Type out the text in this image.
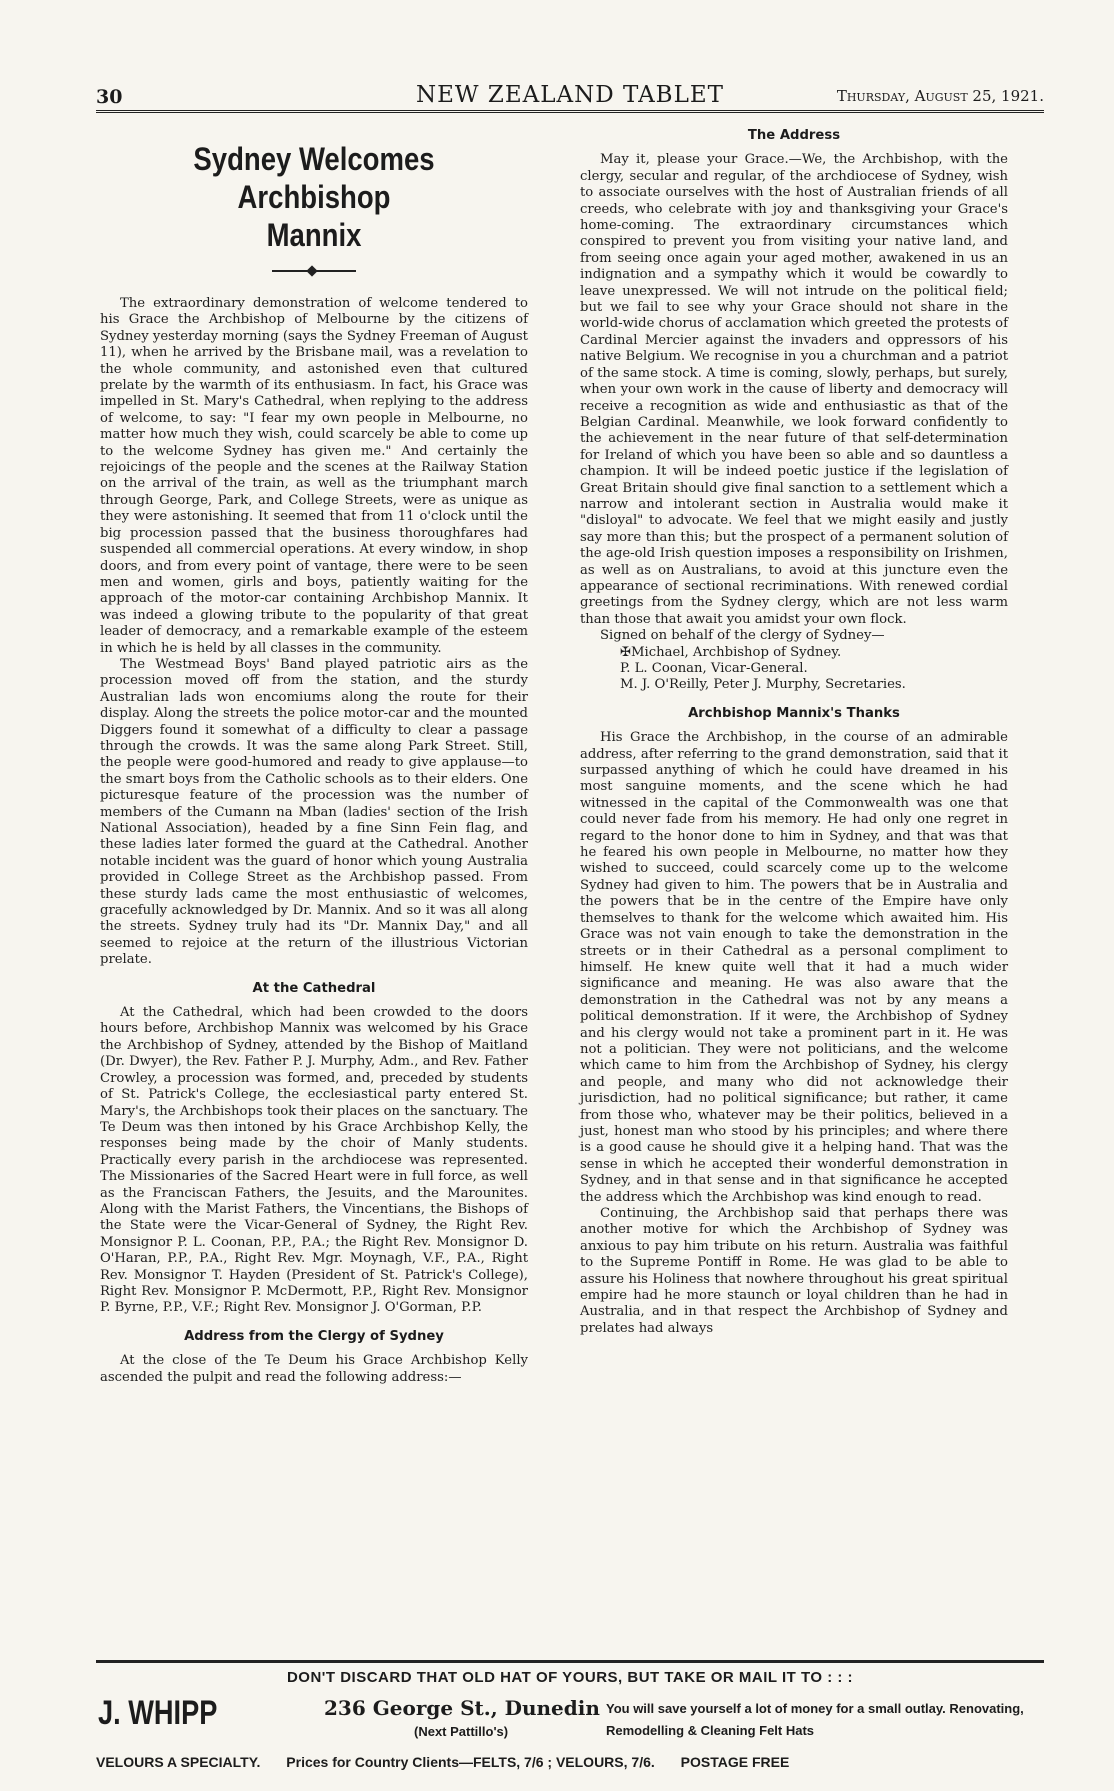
30	NEW ZEALAND TABLET	Thursday, August 25, 1921.
Sydney Welcomes Archbishop
Mannix

The extraordinary demonstration of welcome tendered to his Grace the Archbishop of Melbourne by the citizens of Sydney yesterday morning (says the Sydney Freeman of August 11), when he arrived by the Brisbane mail, was a revelation to the whole community, and astonished even that cultured prelate by the warmth of its enthusiasm. In fact, his Grace was impelled in St. Mary's Cathedral, when replying to the address of welcome, to say: "I fear my own people in Melbourne, no matter how much they wish, could scarcely be able to come up to the welcome Sydney has given me." And certainly the rejoicings of the people and the scenes at the Railway Station on the arrival of the train, as well as the triumphant march through George, Park, and College Streets, were as unique as they were astonishing. It seemed that from 11 o'clock until the big procession passed that the business thoroughfares had suspended all commercial operations. At every window, in shop doors, and from every point of vantage, there were to be seen men and women, girls and boys, patiently waiting for the approach of the motor-car containing Archbishop Mannix. It was indeed a glowing tribute to the popularity of that great leader of democracy, and a remarkable example of the esteem in which he is held by all classes in the community.

The Westmead Boys' Band played patriotic airs as the procession moved off from the station, and the sturdy Australian lads won encomiums along the route for their display. Along the streets the police motor-car and the mounted Diggers found it somewhat of a difficulty to clear a passage through the crowds. It was the same along Park Street. Still, the people were good-humored and ready to give applause—to the smart boys from the Catholic schools as to their elders. One picturesque feature of the procession was the number of members of the Cumann na Mban (ladies' section of the Irish National Association), headed by a fine Sinn Fein flag, and these ladies later formed the guard at the Cathedral. Another notable incident was the guard of honor which young Australia provided in College Street as the Archbishop passed. From these sturdy lads came the most enthusiastic of welcomes, gracefully acknowledged by Dr. Mannix. And so it was all along the streets. Sydney truly had its "Dr. Mannix Day," and all seemed to rejoice at the return of the illustrious Victorian prelate.

At the Cathedral

At the Cathedral, which had been crowded to the doors hours before, Archbishop Mannix was welcomed by his Grace the Archbishop of Sydney, attended by the Bishop of Maitland (Dr. Dwyer), the Rev. Father P. J. Murphy, Adm., and Rev. Father Crowley, a procession was formed, and, preceded by students of St. Patrick's College, the ecclesiastical party entered St. Mary's, the Archbishops took their places on the sanctuary. The Te Deum was then intoned by his Grace Archbishop Kelly, the responses being made by the choir of Manly students. Practically every parish in the archdiocese was represented. The Missionaries of the Sacred Heart were in full force, as well as the Franciscan Fathers, the Jesuits, and the Marounites. Along with the Marist Fathers, the Vincentians, the Bishops of the State were the Vicar-General of Sydney, the Right Rev. Monsignor P. L. Coonan, P.P., P.A.; the Right Rev. Monsignor D. O'Haran, P.P., P.A., Right Rev. Mgr. Moynagh, V.F., P.A., Right Rev. Monsignor T. Hayden (President of St. Patrick's College), Right Rev. Monsignor P. McDermott, P.P., Right Rev. Monsignor P. Byrne, P.P., V.F.; Right Rev. Monsignor J. O'Gorman, P.P.

Address from the Clergy of Sydney

At the close of the Te Deum his Grace Archbishop Kelly ascended the pulpit and read the following address:—

The Address

May it, please your Grace.—We, the Archbishop, with the clergy, secular and regular, of the archdiocese of Sydney, wish to associate ourselves with the host of Australian friends of all creeds, who celebrate with joy and thanksgiving your Grace's home-coming. The extraordinary circumstances which conspired to prevent you from visiting your native land, and from seeing once again your aged mother, awakened in us an indignation and a sympathy which it would be cowardly to leave unexpressed. We will not intrude on the political field; but we fail to see why your Grace should not share in the world-wide chorus of acclamation which greeted the protests of Cardinal Mercier against the invaders and oppressors of his native Belgium. We recognise in you a churchman and a patriot of the same stock. A time is coming, slowly, perhaps, but surely, when your own work in the cause of liberty and democracy will receive a recognition as wide and enthusiastic as that of the Belgian Cardinal. Meanwhile, we look forward confidently to the achievement in the near future of that self-determination for Ireland of which you have been so able and so dauntless a champion. It will be indeed poetic justice if the legislation of Great Britain should give final sanction to a settlement which a narrow and intolerant section in Australia would make it "disloyal" to advocate. We feel that we might easily and justly say more than this; but the prospect of a permanent solution of the age-old Irish question imposes a responsibility on Irishmen, as well as on Australians, to avoid at this juncture even the appearance of sectional recriminations. With renewed cordial greetings from the Sydney clergy, which are not less warm than those that await you amidst your own flock.

Signed on behalf of the clergy of Sydney—
✠Michael, Archbishop of Sydney.
P. L. Coonan, Vicar-General.
M. J. O'Reilly, Peter J. Murphy, Secretaries.
Archbishop Mannix's Thanks

His Grace the Archbishop, in the course of an admirable address, after referring to the grand demonstration, said that it surpassed anything of which he could have dreamed in his most sanguine moments, and the scene which he had witnessed in the capital of the Commonwealth was one that could never fade from his memory. He had only one regret in regard to the honor done to him in Sydney, and that was that he feared his own people in Melbourne, no matter how they wished to succeed, could scarcely come up to the welcome Sydney had given to him. The powers that be in Australia and the powers that be in the centre of the Empire have only themselves to thank for the welcome which awaited him. His Grace was not vain enough to take the demonstration in the streets or in their Cathedral as a personal compliment to himself. He knew quite well that it had a much wider significance and meaning. He was also aware that the demonstration in the Cathedral was not by any means a political demonstration. If it were, the Archbishop of Sydney and his clergy would not take a prominent part in it. He was not a politician. They were not politicians, and the welcome which came to him from the Archbishop of Sydney, his clergy and people, and many who did not acknowledge their jurisdiction, had no political significance; but rather, it came from those who, whatever may be their politics, believed in a just, honest man who stood by his principles; and where there is a good cause he should give it a helping hand. That was the sense in which he accepted their wonderful demonstration in Sydney, and in that sense and in that significance he accepted the address which the Archbishop was kind enough to read.

Continuing, the Archbishop said that perhaps there was another motive for which the Archbishop of Sydney was anxious to pay him tribute on his return. Australia was faithful to the Supreme Pontiff in Rome. He was glad to be able to assure his Holiness that nowhere throughout his great spiritual empire had he more staunch or loyal children than he had in Australia, and in that respect the Archbishop of Sydney and prelates had always

DON'T DISCARD THAT OLD HAT OF YOURS, BUT TAKE OR MAIL IT TO : : :
J. WHIPP	236 George St., Dunedin
(Next Pattillo's)
You will save yourself a lot of money for a small outlay. Renovating, Remodelling & Cleaning Felt Hats
VELOURS A SPECIALTY. Prices for Country Clients—FELTS, 7/6 ; VELOURS, 7/6. POSTAGE FREE
